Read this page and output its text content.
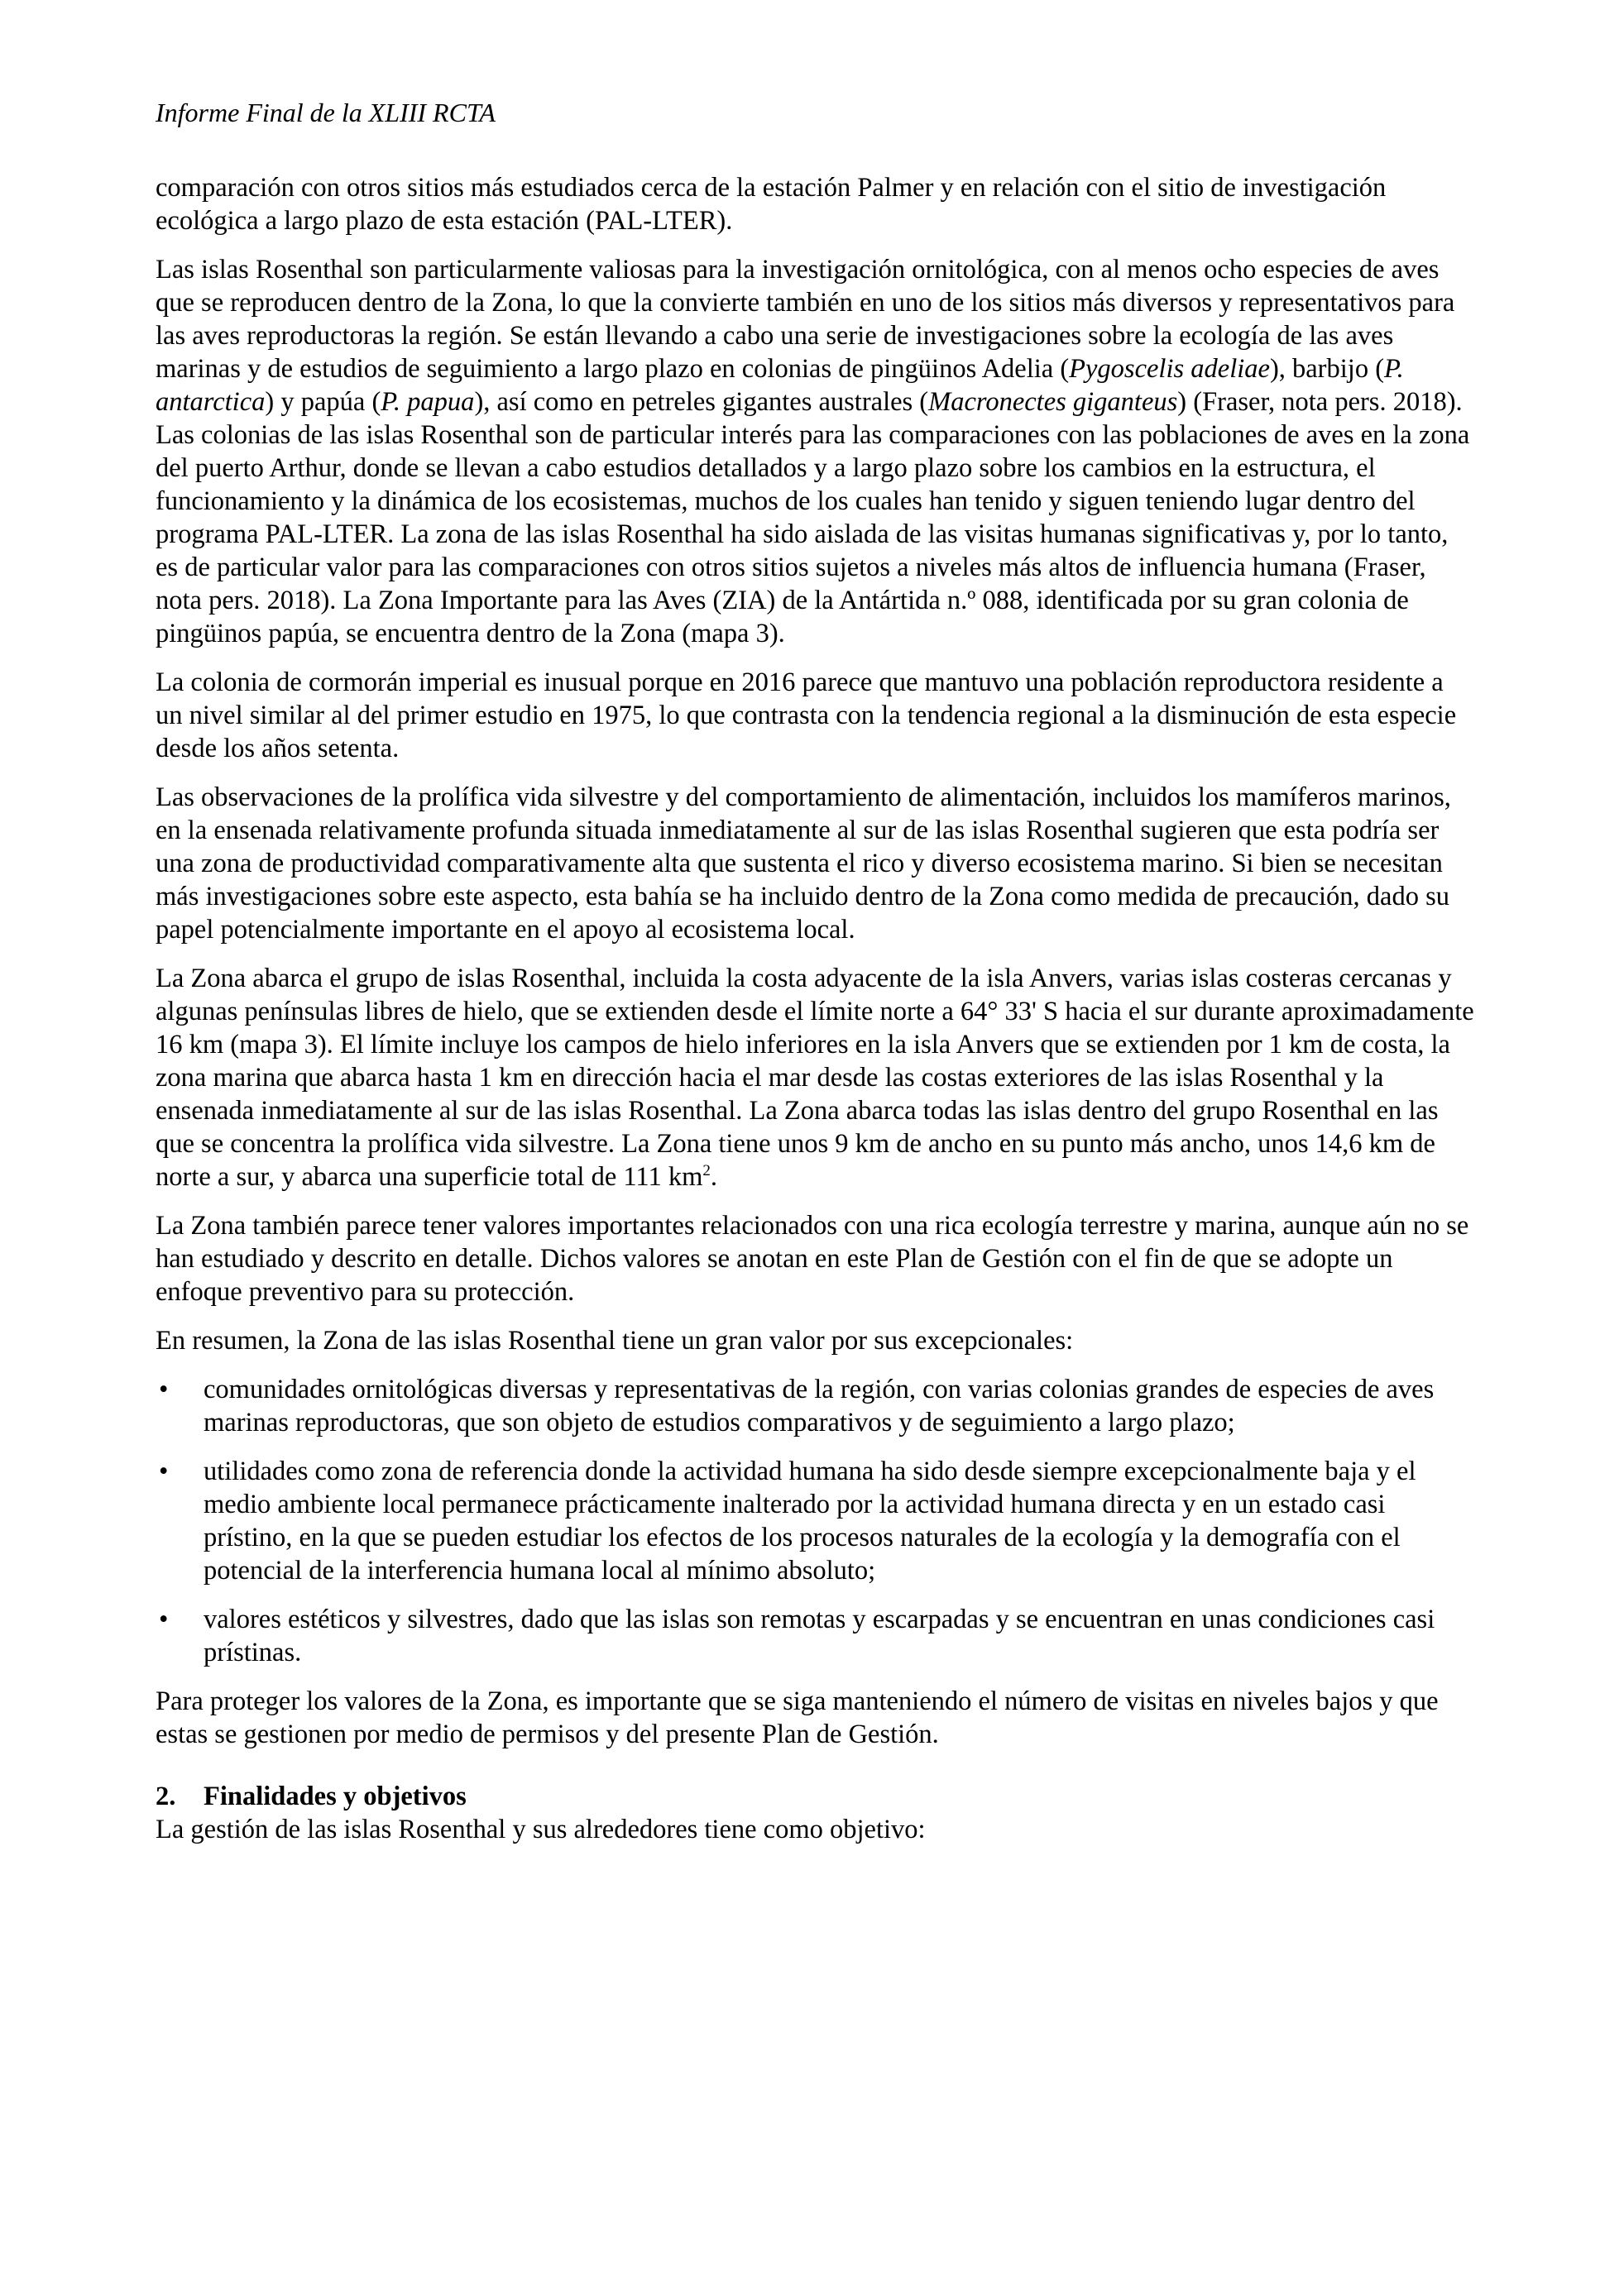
Informe Final de la XLIII RCTA

comparación con otros sitios más estudiados cerca de la estación Palmer y en relación con el sitio de investigación ecológica a largo plazo de esta estación (PAL-LTER).

Las islas Rosenthal son particularmente valiosas para la investigación ornitológica, con al menos ocho especies de aves que se reproducen dentro de la Zona, lo que la convierte también en uno de los sitios más diversos y representativos para las aves reproductoras la región. Se están llevando a cabo una serie de investigaciones sobre la ecología de las aves marinas y de estudios de seguimiento a largo plazo en colonias de pingüinos Adelia (Pygoscelis adeliae), barbijo (P. antarctica) y papúa (P. papua), así como en petreles gigantes australes (Macronectes giganteus) (Fraser, nota pers. 2018). Las colonias de las islas Rosenthal son de particular interés para las comparaciones con las poblaciones de aves en la zona del puerto Arthur, donde se llevan a cabo estudios detallados y a largo plazo sobre los cambios en la estructura, el funcionamiento y la dinámica de los ecosistemas, muchos de los cuales han tenido y siguen teniendo lugar dentro del programa PAL-LTER. La zona de las islas Rosenthal ha sido aislada de las visitas humanas significativas y, por lo tanto, es de particular valor para las comparaciones con otros sitios sujetos a niveles más altos de influencia humana (Fraser, nota pers. 2018). La Zona Importante para las Aves (ZIA) de la Antártida n.º 088, identificada por su gran colonia de pingüinos papúa, se encuentra dentro de la Zona (mapa 3).

La colonia de cormorán imperial es inusual porque en 2016 parece que mantuvo una población reproductora residente a un nivel similar al del primer estudio en 1975, lo que contrasta con la tendencia regional a la disminución de esta especie desde los años setenta.

Las observaciones de la prolífica vida silvestre y del comportamiento de alimentación, incluidos los mamíferos marinos, en la ensenada relativamente profunda situada inmediatamente al sur de las islas Rosenthal sugieren que esta podría ser una zona de productividad comparativamente alta que sustenta el rico y diverso ecosistema marino. Si bien se necesitan más investigaciones sobre este aspecto, esta bahía se ha incluido dentro de la Zona como medida de precaución, dado su papel potencialmente importante en el apoyo al ecosistema local.

La Zona abarca el grupo de islas Rosenthal, incluida la costa adyacente de la isla Anvers, varias islas costeras cercanas y algunas penínsulas libres de hielo, que se extienden desde el límite norte a 64° 33' S hacia el sur durante aproximadamente 16 km (mapa 3). El límite incluye los campos de hielo inferiores en la isla Anvers que se extienden por 1 km de costa, la zona marina que abarca hasta 1 km en dirección hacia el mar desde las costas exteriores de las islas Rosenthal y la ensenada inmediatamente al sur de las islas Rosenthal. La Zona abarca todas las islas dentro del grupo Rosenthal en las que se concentra la prolífica vida silvestre. La Zona tiene unos 9 km de ancho en su punto más ancho, unos 14,6 km de norte a sur, y abarca una superficie total de 111 $km^2$.

La Zona también parece tener valores importantes relacionados con una rica ecología terrestre y marina, aunque aún no se han estudiado y descrito en detalle. Dichos valores se anotan en este Plan de Gestión con el fin de que se adopte un enfoque preventivo para su protección.

En resumen, la Zona de las islas Rosenthal tiene un gran valor por sus excepcionales:

• comunidades ornitológicas diversas y representativas de la región, con varias colonias grandes de especies de aves marinas reproductoras, que son objeto de estudios comparativos y de seguimiento a largo plazo;
• utilidades como zona de referencia donde la actividad humana ha sido desde siempre excepcionalmente baja y el medio ambiente local permanece prácticamente inalterado por la actividad humana directa y en un estado casi prístino, en la que se pueden estudiar los efectos de los procesos naturales de la ecología y la demografía con el potencial de la interferencia humana local al mínimo absoluto;
• valores estéticos y silvestres, dado que las islas son remotas y escarpadas y se encuentran en unas condiciones casi prístinas.

Para proteger los valores de la Zona, es importante que se siga manteniendo el número de visitas en niveles bajos y que estas se gestionen por medio de permisos y del presente Plan de Gestión.

2. Finalidades y objetivos

La gestión de las islas Rosenthal y sus alrededores tiene como objetivo:
